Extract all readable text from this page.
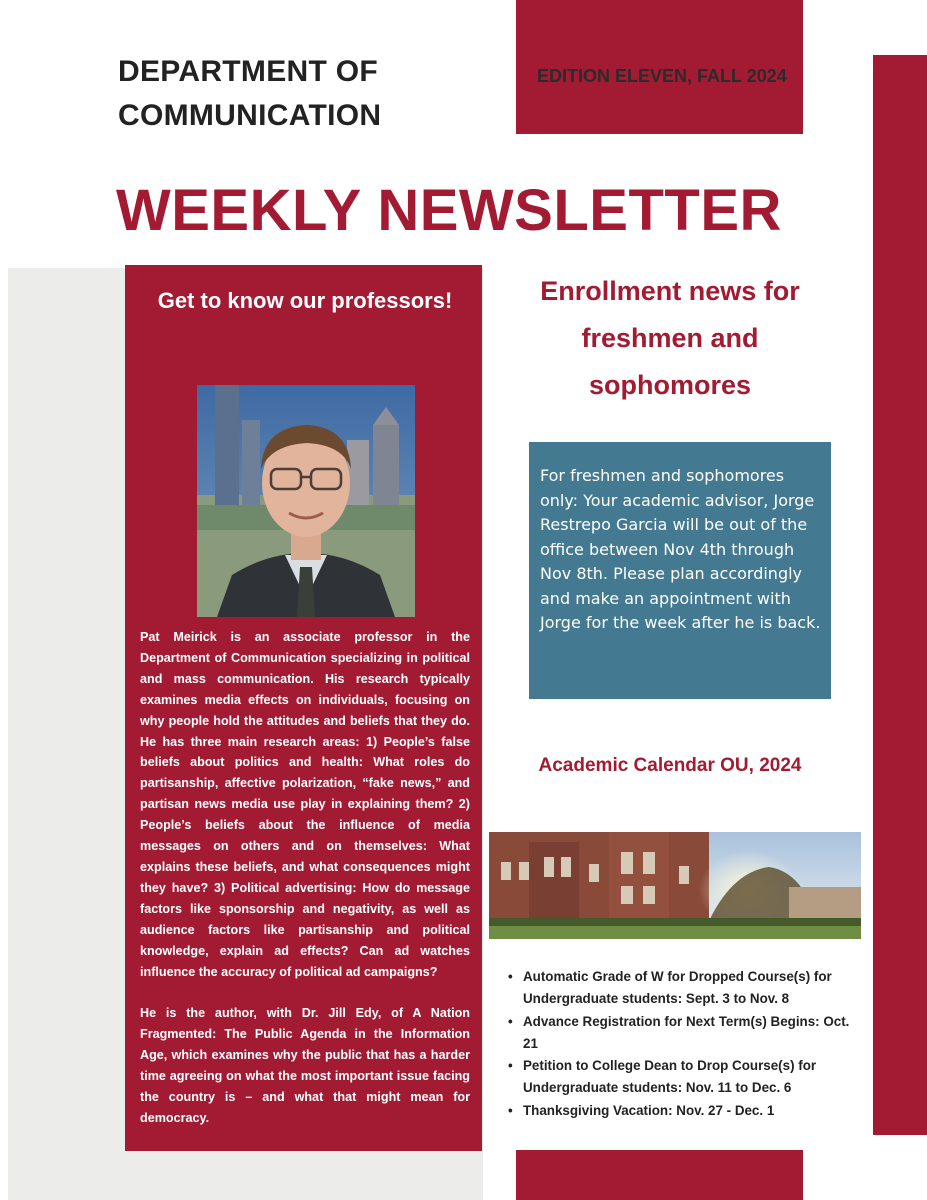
DEPARTMENT OF COMMUNICATION
EDITION ELEVEN, FALL 2024
WEEKLY NEWSLETTER
Get to know our professors!

Pat Meirick is an associate professor in the Department of Communication specializing in political and mass communication. His research typically examines media effects on individuals, focusing on why people hold the attitudes and beliefs that they do. He has three main research areas: 1) People’s false beliefs about politics and health: What roles do partisanship, affective polarization, “fake news,” and partisan news media use play in explaining them? 2) People’s beliefs about the influence of media messages on others and on themselves: What explains these beliefs, and what consequences might they have? 3) Political advertising: How do message factors like sponsorship and negativity, as well as audience factors like partisanship and political knowledge, explain ad effects? Can ad watches influence the accuracy of political ad campaigns?

He is the author, with Dr. Jill Edy, of A Nation Fragmented: The Public Agenda in the Information Age, which examines why the public that has a harder time agreeing on what the most important issue facing the country is – and what that might mean for democracy.

Enrollment news for freshmen and sophomores
For freshmen and sophomores only: Your academic advisor, Jorge Restrepo Garcia will be out of the office between Nov 4th through Nov 8th. Please plan accordingly and make an appointment with Jorge for the week after he is back.
Academic Calendar OU, 2024
• Automatic Grade of W for Dropped Course(s) for Undergraduate students: Sept. 3 to Nov. 8
• Advance Registration for Next Term(s) Begins: Oct. 21
• Petition to College Dean to Drop Course(s) for Undergraduate students: Nov. 11 to Dec. 6
• Thanksgiving Vacation: Nov. 27 - Dec. 1
